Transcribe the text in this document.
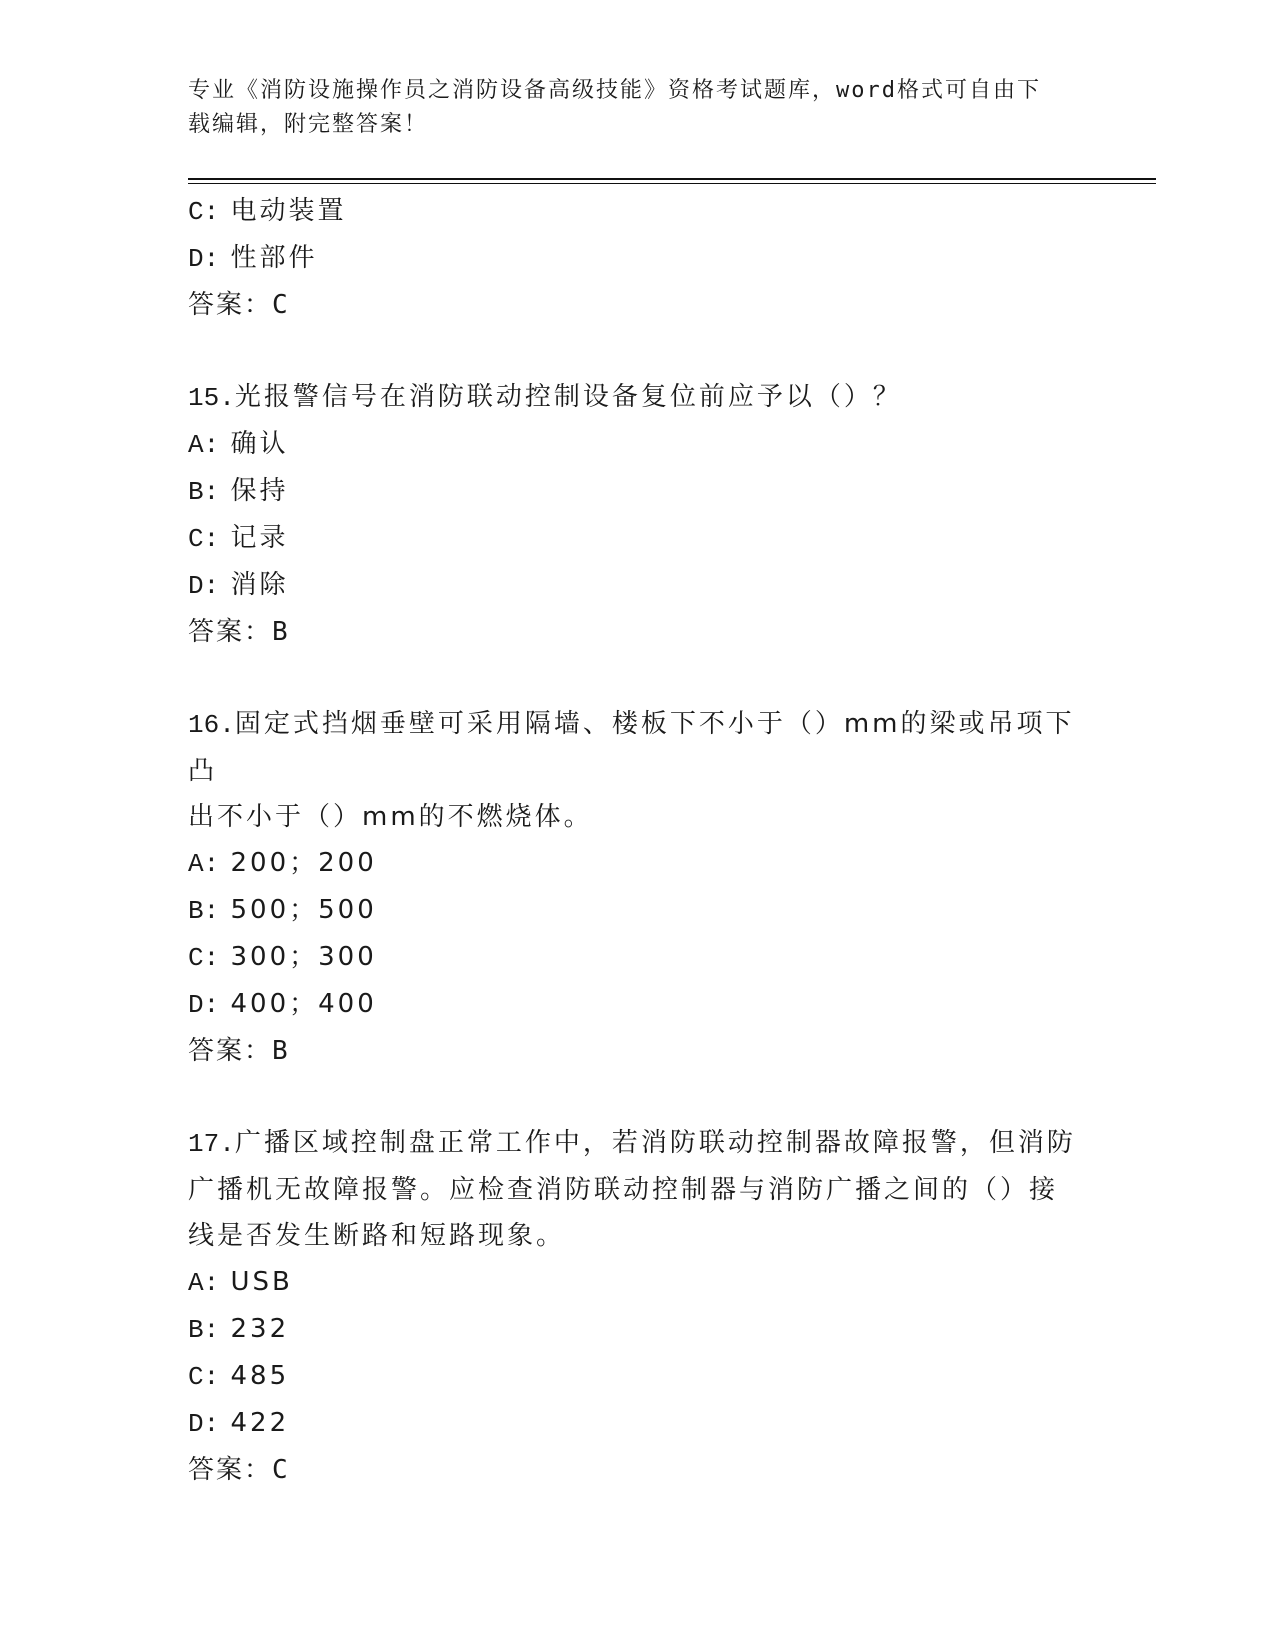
专业《消防设施操作员之消防设备高级技能》资格考试题库，word格式可自由下
载编辑，附完整答案！
C: 电动装置
D: 性部件
答案：C
15.光报警信号在消防联动控制设备复位前应予以（）？
A: 确认
B: 保持
C: 记录
D: 消除
答案：B
16.固定式挡烟垂壁可采用隔墙、楼板下不小于（）mm的梁或吊项下凸
出不小于（）mm的不燃烧体。
A: 200；200
B: 500；500
C: 300；300
D: 400；400
答案：B
17.广播区域控制盘正常工作中，若消防联动控制器故障报警，但消防
广播机无故障报警。应检查消防联动控制器与消防广播之间的（）接
线是否发生断路和短路现象。
A: USB
B: 232
C: 485
D: 422
答案：C
